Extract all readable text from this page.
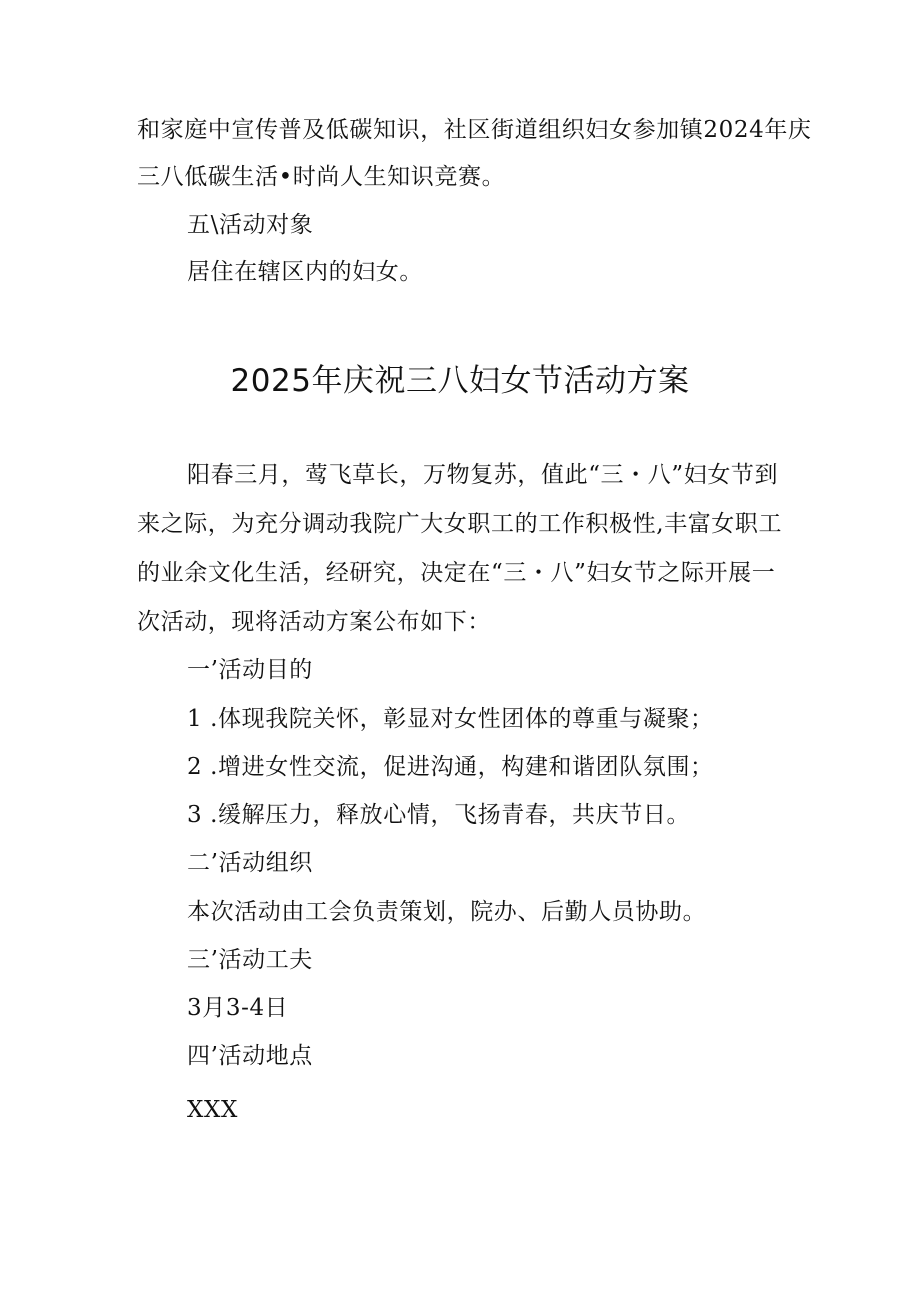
和家庭中宣传普及低碳知识，社区街道组织妇女参加镇2024年庆
三八低碳生活•时尚人生知识竞赛。
五\活动对象
居住在辖区内的妇女。
2025年庆祝三八妇女节活动方案
阳春三月，莺飞草长，万物复苏，值此“三・八”妇女节到
来之际，为充分调动我院广大女职工的工作积极性,丰富女职工
的业余文化生活，经研究，决定在“三・八”妇女节之际开展一
次活动，现将活动方案公布如下：
一’活动目的
1 .体现我院关怀，彰显对女性团体的尊重与凝聚；
2 .增进女性交流，促进沟通，构建和谐团队氛围；
3 .缓解压力，释放心情，飞扬青春，共庆节日。
二’活动组织
本次活动由工会负责策划，院办、后勤人员协助。
三’活动工夫
3月3-4日
四’活动地点
XXX
